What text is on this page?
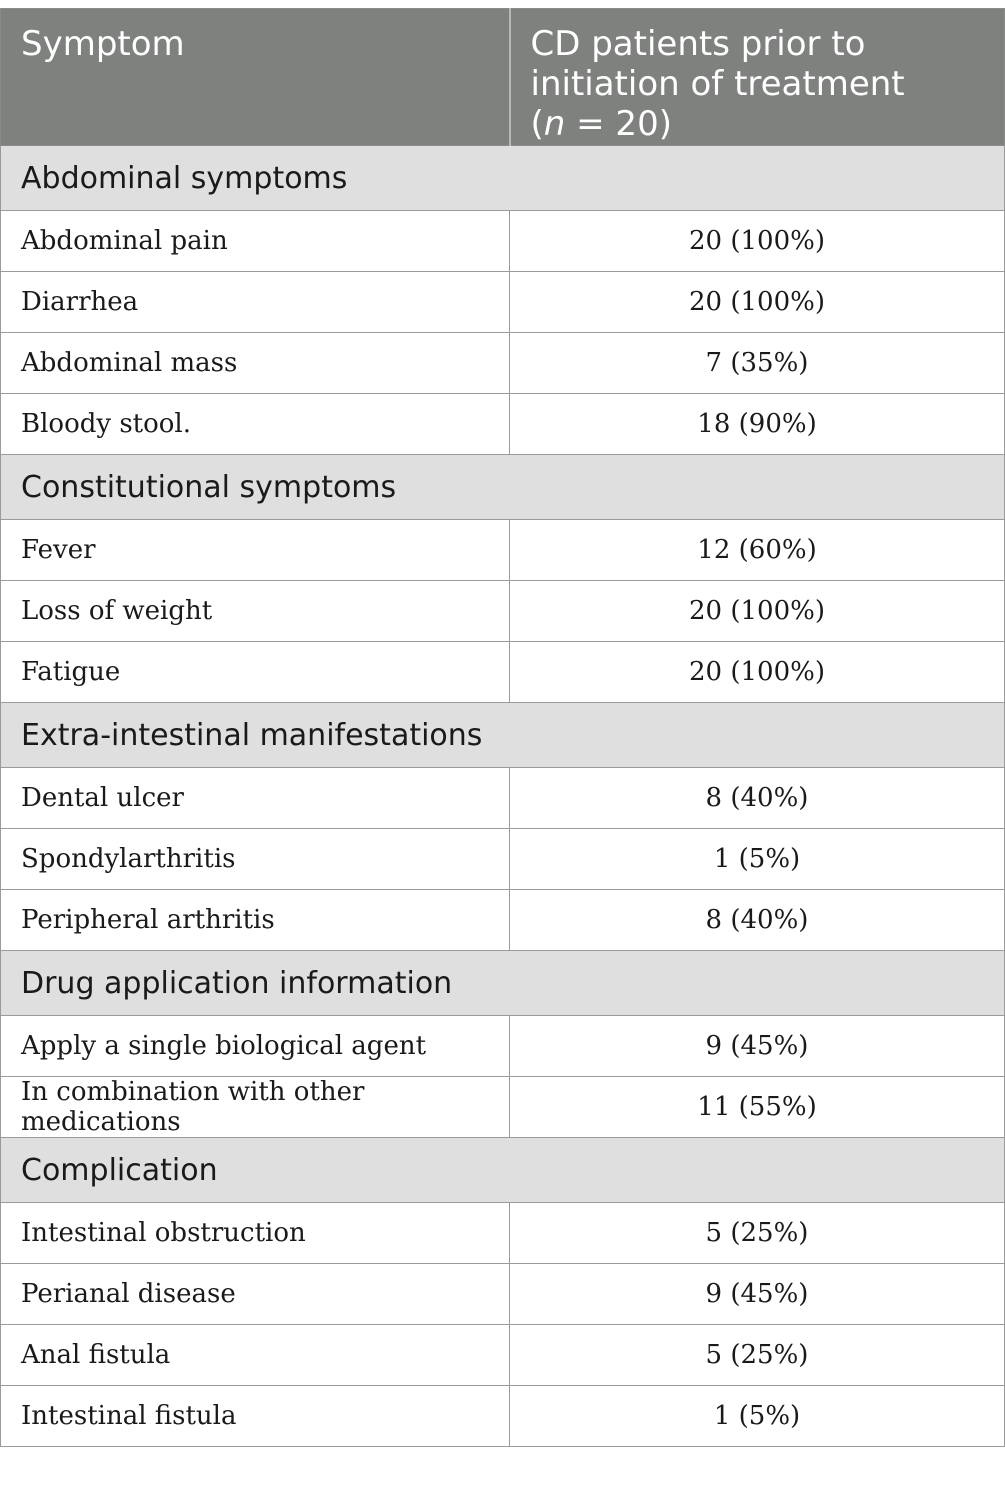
Symptom	CD patients prior to
initiation of treatment
(n = 20)
Abdominal symptoms	
Abdominal pain	20 (100%)
Diarrhea	20 (100%)
Abdominal mass	7 (35%)
Bloody stool.	18 (90%)
Constitutional symptoms	
Fever	12 (60%)
Loss of weight	20 (100%)
Fatigue	20 (100%)
Extra-intestinal manifestations	
Dental ulcer	8 (40%)
Spondylarthritis	1 (5%)
Peripheral arthritis	8 (40%)
Drug application information	
Apply a single biological agent	9 (45%)
In combination with other medications	11 (55%)
Complication	
Intestinal obstruction	5 (25%)
Perianal disease	9 (45%)
Anal fistula	5 (25%)
Intestinal fistula	1 (5%)
